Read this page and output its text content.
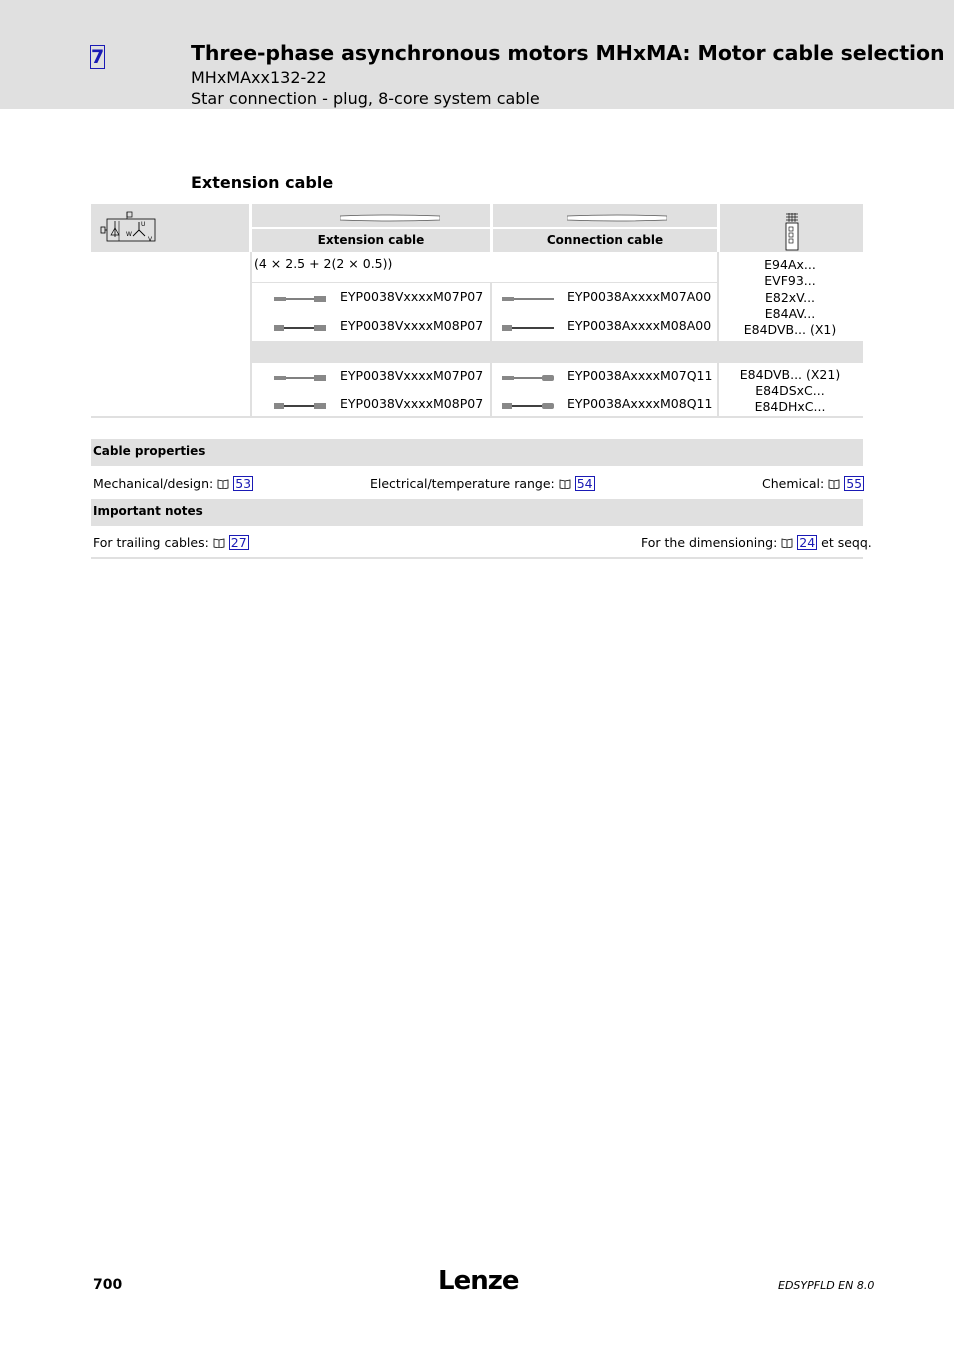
7	Three-phase asynchronous motors MHxMA: Motor cable selection
MHxMAxx132-22
Star connection - plug, 8-core system cable
Extension cable
W
U
V	Extension cable	Connection cable
(4 × 2.5 + 2(2 × 0.5))
EYP0038VxxxxM07P07	EYP0038AxxxxM07A00
EYP0038VxxxxM08P07	EYP0038AxxxxM08A00
E94Ax...
EVF93...
E82xV...
E84AV...
E84DVB... (X1)
EYP0038VxxxxM07P07	EYP0038AxxxxM07Q11
EYP0038VxxxxM08P07	EYP0038AxxxxM08Q11
E84DVB... (X21)
E84DSxC...
E84DHxC...
Cable properties
Mechanical/design: 53	Electrical/temperature range: 54	Chemical: 55
Important notes
For trailing cables: 27	For the dimensioning: 24 et seqq.
700	Lenze	EDSYPFLD EN 8.0
